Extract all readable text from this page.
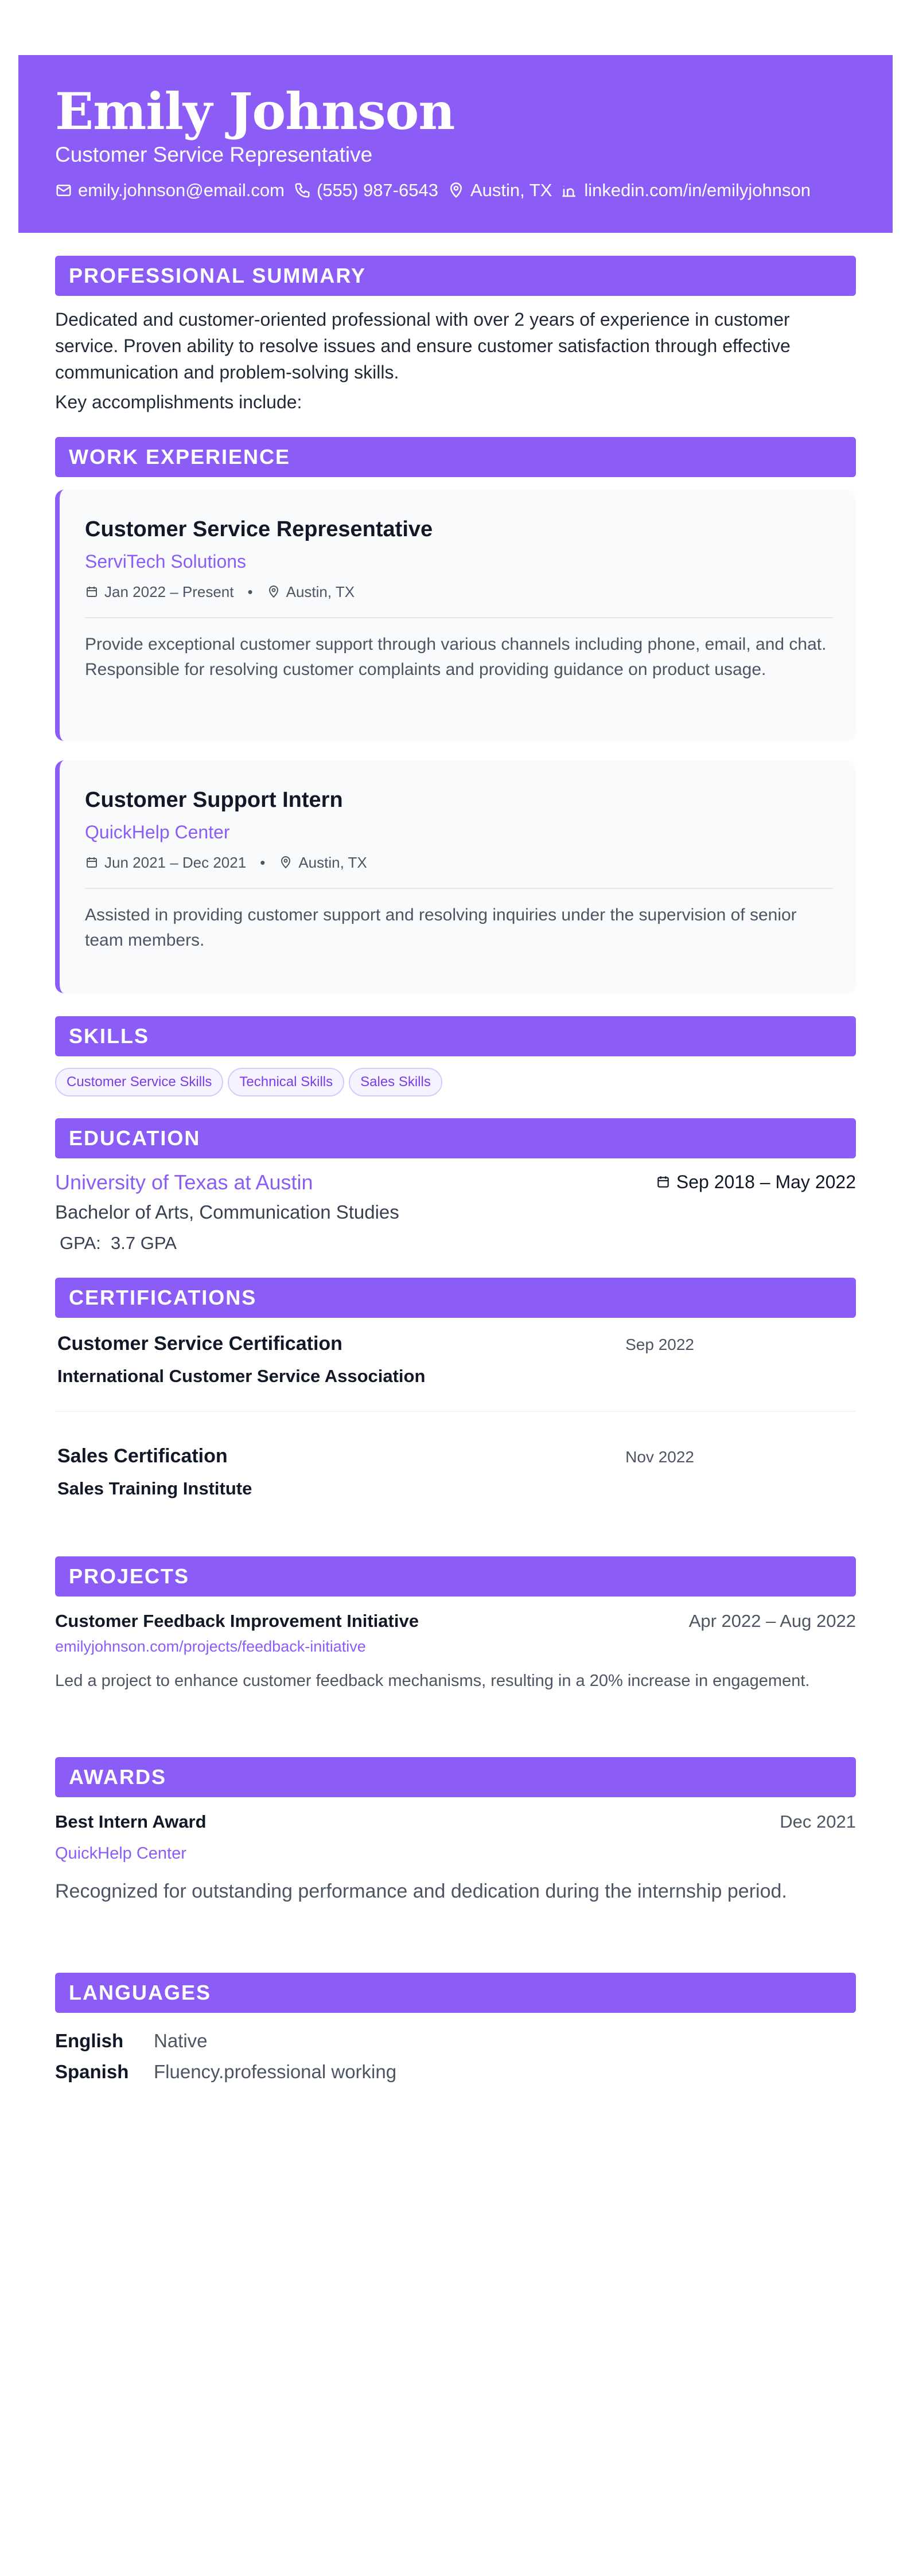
Emily Johnson
Customer Service Representative
emily.johnson@email.com (555) 987-6543 Austin, TX linkedin.com/in/emilyjohnson
PROFESSIONAL SUMMARY

Dedicated and customer-oriented professional with over 2 years of experience in customer service. Proven ability to resolve issues and ensure customer satisfaction through effective communication and problem-solving skills.

Key accomplishments include:

WORK EXPERIENCE
Customer Service Representative
ServiTech Solutions
Jan 2022 – Present • Austin, TX
Provide exceptional customer support through various channels including phone, email, and chat. Responsible for resolving customer complaints and providing guidance on product usage.
Customer Support Intern
QuickHelp Center
Jun 2021 – Dec 2021 • Austin, TX
Assisted in providing customer support and resolving inquiries under the supervision of senior team members.
SKILLS
Customer Service Skills	Technical Skills	Sales Skills
EDUCATION
University of Texas at Austin	Sep 2018 – May 2022
Bachelor of Arts, Communication Studies
GPA: 3.7 GPA
CERTIFICATIONS
Customer Service Certification	Sep 2022
International Customer Service Association
Sales Certification	Nov 2022
Sales Training Institute
PROJECTS
Customer Feedback Improvement Initiative	Apr 2022 – Aug 2022
emilyjohnson.com/projects/feedback-initiative
Led a project to enhance customer feedback mechanisms, resulting in a 20% increase in engagement.
AWARDS
Best Intern Award	Dec 2021
QuickHelp Center
Recognized for outstanding performance and dedication during the internship period.
LANGUAGES
English	Native
Spanish	Fluency.professional working
